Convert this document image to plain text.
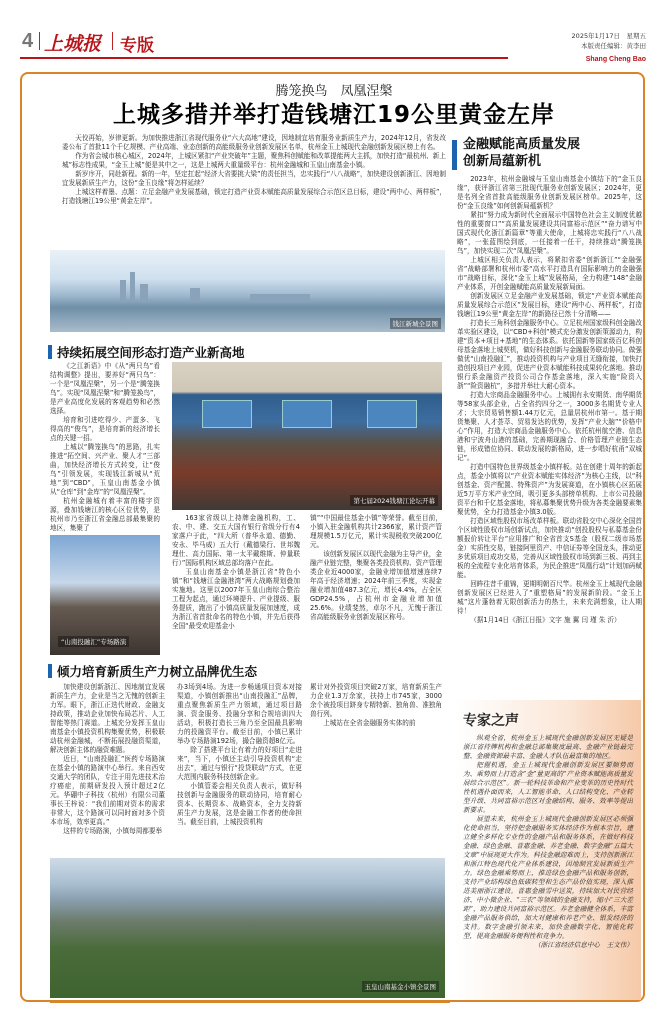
4 上城报 专版	2025年1月17日　星期五
本版责任编辑：黄李田
Shang Cheng Bao
腾笼换鸟　凤凰涅槃
上城多措并举打造钱塘江19公里黄金左岸

天佼再始，岁律更新。为加快推进浙江省现代服务业“六大高地”建设，因地制宜培育服务业新质生产力，2024年12月，省发改委公布了首批11个千亿规模、产业高端、业态创新的高能级服务业创新发展区名单，杭州金玉上城现代金融创新发展区榜上有名。

作为省会城市核心城区，2024年，上城区紧扣“产业突破年”主题，聚焦科创赋能和改革提能两大主抓，加快打造“最杭州、新上城”标志性成果，“金玉上城”便是其中之一，这是上城两大重量级平台：杭州金融城和玉皇山南基金小镇。

新岁序开，同赴新程。新的一年，坚定扛起“经济大省要挑大梁”的责任担当，忠实践行“八八战略”，加快建设创新浙江、因地制宜发展新质生产力，这份“金玉良缘”将怎样延续？

上城这样着墨、点题：立足金融产业发展基础，锁定打造产业资本赋能高质量发展综合示范区总目标，建设“两中心、两样板”，打造钱塘江19公里“黄金左岸”。

钱江新城全景图
持续拓展空间形态打造产业新高地

《之江新语》中《从“两只鸟”看结构调整》提出，要养好“两只鸟”：一个是“凤凰涅槃”，另一个是“腾笼换鸟”。实现“凤凰涅槃”和“腾笼换鸟”，是产业高度化发展的客观趋势和必然选择。

培育和引进吃得少、产蛋多、飞得高的“俊鸟”，是培育新的经济增长点的关键一招。

上城以“腾笼换鸟”的思路，扎实推进“拓空间、兴产业、聚人才”三部曲，加快经济增长方式转变，让“俊鸟”引领发展，实现钱江新城从“荒地”到“CBD”，玉皇山南基金小镇从“仓库”到“金库”的“凤凰涅槃”。

杭州金融城有着丰富的楼宇资源，叠加钱塘江的核心区位优势，是杭州市乃至浙江省金融总部最集聚的地区，集聚了

第七届2024钱塘江论坛开幕

163家省级以上持牌金融机构，工、农、中、建、交五大国有银行省级分行有4家落户于此，“四大所（普华永道、德勤、安永、毕马威）五大行（戴德梁行、世邦魏理仕、高力国际、第一太平戴维斯、仲量联行）”国际机构区域总部均落户在此。

玉皇山南基金小镇是浙江省“特色小镇”和“钱塘江金融港湾”两大战略规划叠加实施地。这里以2007年玉皇山南综合整治工程为起点，通过环境提升、产业提级、服务提质，跑出了小镇高质量发展加速度，成为浙江省首批命名的特色小镇，并先后获得全国“最受欢迎基金小

镇”“中国最佳基金小镇”等荣誉。截至目前，小镇入驻金融机构共计2366家，累计资产管理规模1.5万亿元，累计实现税收突破200亿元。

该创新发展区以现代金融为主导产业，金融产业链完整，集聚各类投资机构、资产管理类企业近4000家，金融业增加值增速连续7年高于经济增速；2024年前三季度，实现金融业增加值487.3亿元，增长4.4%，占全区GDP24.5%，占杭州市金融业增加值25.6%。业绩斐然，卓尔不凡，无愧于浙江省高能级服务业创新发展区称号。

“山南投融汇”专场路演
倾力培育新质生产力树立品牌优生态

加快建设创新浙江、因地制宜发展新质生产力，企业是当之无愧的创新主力军。眼下，浙江正迭代财政、金融支持政策，推动企业加快布局芯片、人工智能等热门赛道。上城充分发挥玉皇山南基金小镇投资机构集聚优势，积极联动杭州金融城，不断拓展投融资渠道，解决创新主体的融资难题。

近日，“山南投融汇”医药专场路演在基金小镇的路演中心举行。来自西安交通大学的团队，专注于用先进技术治疗癌症，前期研发投入预计超过2亿元。华硼中子科技（杭州）有限公司董事长王梓说：“我们前期对资本的需求非常大，这个路演可以同时面对多个资本市场，效率更高。”

这样的专场路演，小镇每周都要举

办3场到4场。为进一步畅通项目资本对接渠道，小镇创新推出“山南投融汇”品牌，重点聚焦新质生产力领域，通过项目路演、资金服务、投融分享和合规培训四大活动，积极打造长三角乃至全国最具影响力的投融资平台。截至目前，小镇已累计举办专场路演192场，撮合融资超8亿元。

除了搭建平台让有着力的好项目“走进来”，当下，小镇还主动引导投资机构“走出去”，通过与银行“投贷联动”方式，在更大范围内服务科技创新企业。

小镇管委会相关负责人表示，做好科技创新与金融服务的联动协同，培育耐心资本、长期资本、战略资本，全力支持新质生产力发展，这是金融工作者的使命担当。截至目前，上城投资机构

累计对外投资项目突破2万家，培育新质生产力企业1.3万余家，扶持上市745家，3000余个被投项目跻身专精特新、独角兽、准独角兽行列。

上城站在全省金融服务实体的前

玉皇山南基金小镇全景图
金融赋能高质量发展
创新局蕴新机

2023年，杭州金融城与玉皇山南基金小镇结下的“金玉良缘”，获评浙江省第三批现代服务业创新发展区；2024年，更是名列全省首批高能级服务业创新发展区榜单。2025年，这份“金玉良缘”如何创新局蕴新机？

紧扣“努力成为新时代全面展示中国特色社会主义制度优越性的重要窗口”“高质量发展建设共同富裕示范区”“奋力谱写中国式现代化浙江新篇章”等重大使命，上城将忠实践行“八八战略”，一张蓝图绘到底，一任接着一任干，持续推动“腾笼换鸟”，加快实现二次“凤凰涅槃”。

上城区相关负责人表示，将紧扣省委“创新浙江”“金融强省”战略部署和杭州市委“高水平打造具有国际影响力的金融强市”战略目标，深化“金玉上城”发展格局，全力构建“148”金融产业体系，开创金融赋能高质量发展新局面。

创新发展区立足金融产业发展基础，锁定“产业资本赋能高质量发展综合示范区”发展目标，建设“两中心、两样板”，打造钱塘江19公里“黄金左岸”的新路径已然十分清晰——

打造长三角科创金融服务中心。立足杭州国家级科创金融改革实验区建设，以“CBD+科创”模式充分激发创新策源动力，构建“资本+项目+基地”的生态体系。依托国新等国家级百亿科创母基金落地上城契机，做好科技创新与金融服务联动协同。做强做优“山南投融汇”，推动投资机构与产业项目无缝衔接，加快打造创投项目产业园，促进产业资本赋能科技成果转化落地。推动银行系金融资产投资公司合作基金落地，深入实施“险资入浙”“险资融杭”，多措并举壮大耐心资本。

打造大宗商品金融服务中心。上城拥有永安期货、南华期货等58家头部企业，占全省约四分之一，3000多名期货专业人才；大宗贸易销售额1.44万亿元，总量居杭州市第一。基于期货集聚、人才荟萃、贸易发达的优势，发挥“产业大脑”“价格中心”作用，打造大宗商品金融服务中心。依托杭州航空港、信息港和宁波舟山港的基础，完善期现融合、价格管理产业链生态链，形成错位协同、联动发展的新格局，进一步唱好杭甬“双城记”。

打造中国特色世界级基金小镇样板。站在创建十周年的新起点，基金小镇将以“产业资本赋能实体经济”为核心主线，以“科创基金、资产配置、特殊资产”为发展赛道，在小镇核心区拓展近5万平方米产业空间，吸引更多头部榜单机构、上市公司投融资平台和千亿基金落地，将私募集聚优势升级为各类金融要素集聚优势，全力打造基金小镇3.0版。

打造区域性股权市场改革样板。联动省股交中心深化全国首个区域性股权市场创新试点，加快推动“创投股权与私募基金份额报价转让平台”应用推广和全省首支S基金（股权二级市场基金）实质性交易，链接阿里资产、中信证券等全国龙头，推动更多优质项目成功交易，完善从区域性股权市场到新三板、再到主板的全流程专业化培育体系，为民企推进“凤凰行动”计划加码赋能。

回眸往昔千重锦，更期明朝百尺竿。杭州金玉上城现代金融创新发展区已经进入了“重塑格局”的发展新阶段。“金玉上城”这片蓬勃着无限创新活力的热土，未来充满想象，让人期待！

（据1月14日《浙江日报》文字 施 翼 闫 瑾 朱 沂）

专家之声

纵观全省，杭州金玉上城现代金融创新发展区无疑是浙江省持牌机构和金融总部集聚度最高、金融产业链最完整、金融资源最丰富、金融人才队伍最富集的地区。

把握机遇，金玉上城现代金融创新发展区要顺势而为、乘势而上打造含“金”量更高的“产业资本赋能高质量发展综合示范区”。新一轮科技革命和产业变革的历史性时代性机遇扑面而来，人工智能革命、人口结构变化、产业转型升级、共同富裕示范区对金融结构、服务、效率等提出新要求。

展望未来，杭州金玉上城现代金融创新发展区必须强化使命担当，坚持把金融服务实体经济作为根本宗旨，建立健全多样化专业性的金融产品和服务体系，在做好科技金融、绿色金融、普惠金融、养老金融、数字金融“五篇大文章”中展现更大作为。科技金融迎难而上，支持创新浙江和浙江特色现代化产业体系建设，因地制宜发展新质生产力。绿色金融乘势而上，推进绿色金融产品和服务创新，支持产业结构绿色低碳转型和生态产品价值实现，深入推进美丽浙江建设。普惠金融雪中送炭，持续加大对民营经济、中小微企业、“三农”等领域的金融支持，缩小“三大差距”，助力建设共同富裕示范区。养老金融健全体系，丰富金融产品服务供给，加大对健康和养老产业、银发经济的支持。数字金融引领未来，加快金融数字化、智能化转型，提高金融服务便利性和竞争力。

（浙江省经济信息中心　王文伟）
